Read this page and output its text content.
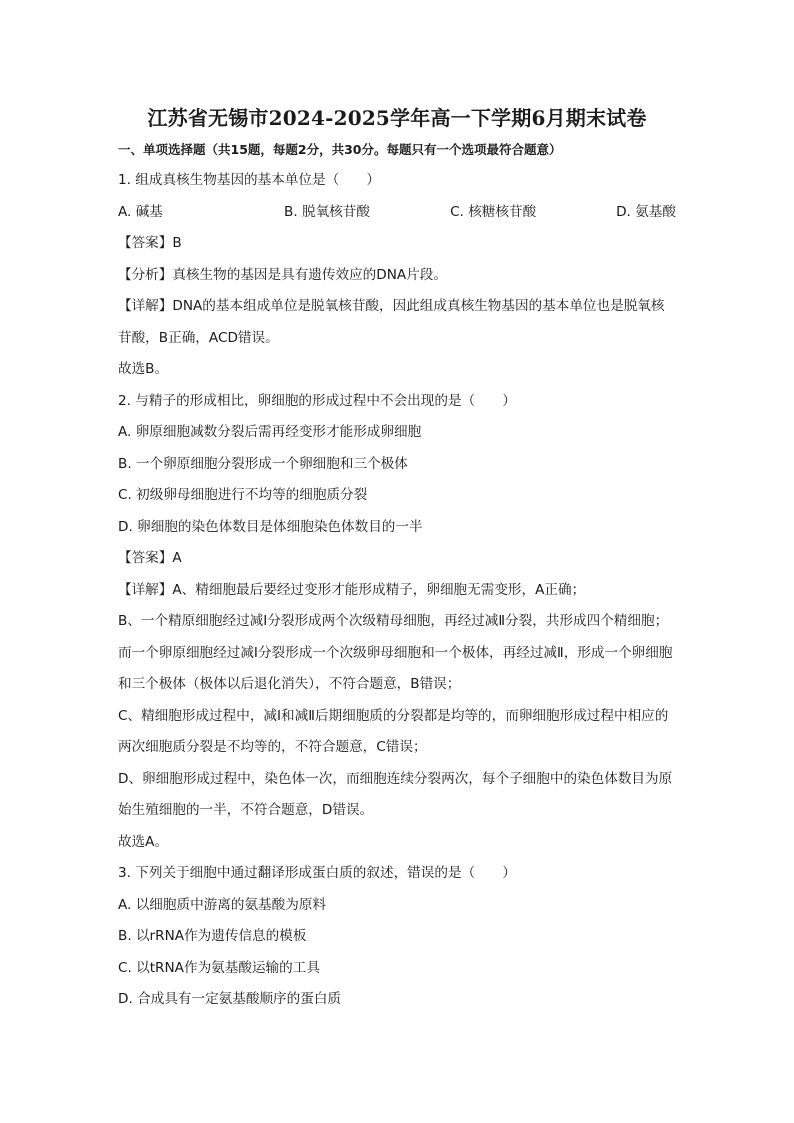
江苏省无锡市2024-2025学年高一下学期6月期末试卷
一、单项选择题（共15题，每题2分，共30分。每题只有一个选项最符合题意）
1. 组成真核生物基因的基本单位是（　　）
A. 碱基	B. 脱氧核苷酸	C. 核糖核苷酸	D. 氨基酸
【答案】B
【分析】真核生物的基因是具有遗传效应的DNA片段。
【详解】DNA的基本组成单位是脱氧核苷酸，因此组成真核生物基因的基本单位也是脱氧核苷酸，B正确，ACD错误。
故选B。
2. 与精子的形成相比，卵细胞的形成过程中不会出现的是（　　）
A. 卵原细胞减数分裂后需再经变形才能形成卵细胞
B. 一个卵原细胞分裂形成一个卵细胞和三个极体
C. 初级卵母细胞进行不均等的细胞质分裂
D. 卵细胞的染色体数目是体细胞染色体数目的一半
【答案】A
【详解】A、精细胞最后要经过变形才能形成精子，卵细胞无需变形，A正确；
B、一个精原细胞经过减Ⅰ分裂形成两个次级精母细胞，再经过减Ⅱ分裂，共形成四个精细胞；而一个卵原细胞经过减Ⅰ分裂形成一个次级卵母细胞和一个极体，再经过减Ⅱ，形成一个卵细胞和三个极体（极体以后退化消失），不符合题意，B错误；
C、精细胞形成过程中，减Ⅰ和减Ⅱ后期细胞质的分裂都是均等的，而卵细胞形成过程中相应的两次细胞质分裂是不均等的，不符合题意，C错误；
D、卵细胞形成过程中，染色体一次，而细胞连续分裂两次，每个子细胞中的染色体数目为原始生殖细胞的一半，不符合题意，D错误。
故选A。
3. 下列关于细胞中通过翻译形成蛋白质的叙述，错误的是（　　）
A. 以细胞质中游离的氨基酸为原料
B. 以rRNA作为遗传信息的模板
C. 以tRNA作为氨基酸运输的工具
D. 合成具有一定氨基酸顺序的蛋白质
